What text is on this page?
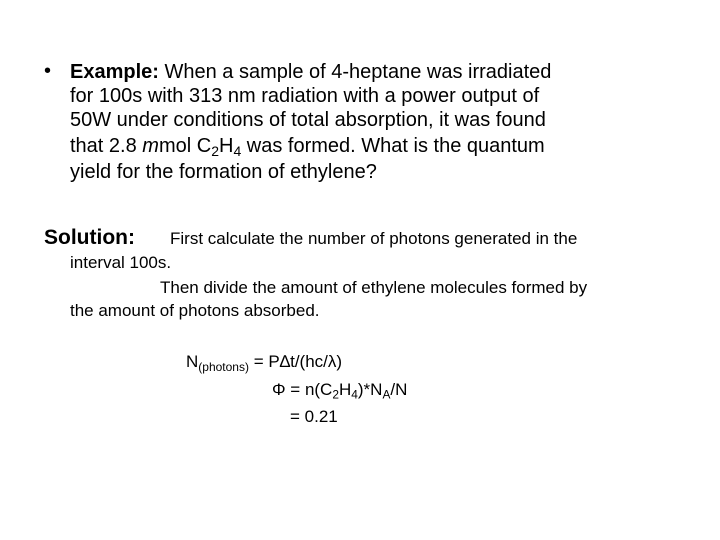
• Example: When a sample of 4-heptane was irradiated
for 100s with 313 nm radiation with a power output of
50W under conditions of total absorption, it was found
that 2.8 mmol $C_2H_4$ was formed. What is the quantum
yield for the formation of ethylene?
Solution: First calculate the number of photons generated in the
interval 100s.
Then divide the amount of ethylene molecules formed by
the amount of photons absorbed.
$N_{(photons)} = P\Delta t/(hc/\lambda)$
$\Phi = n(C_2H_4)*N_A/N$
= 0.21
